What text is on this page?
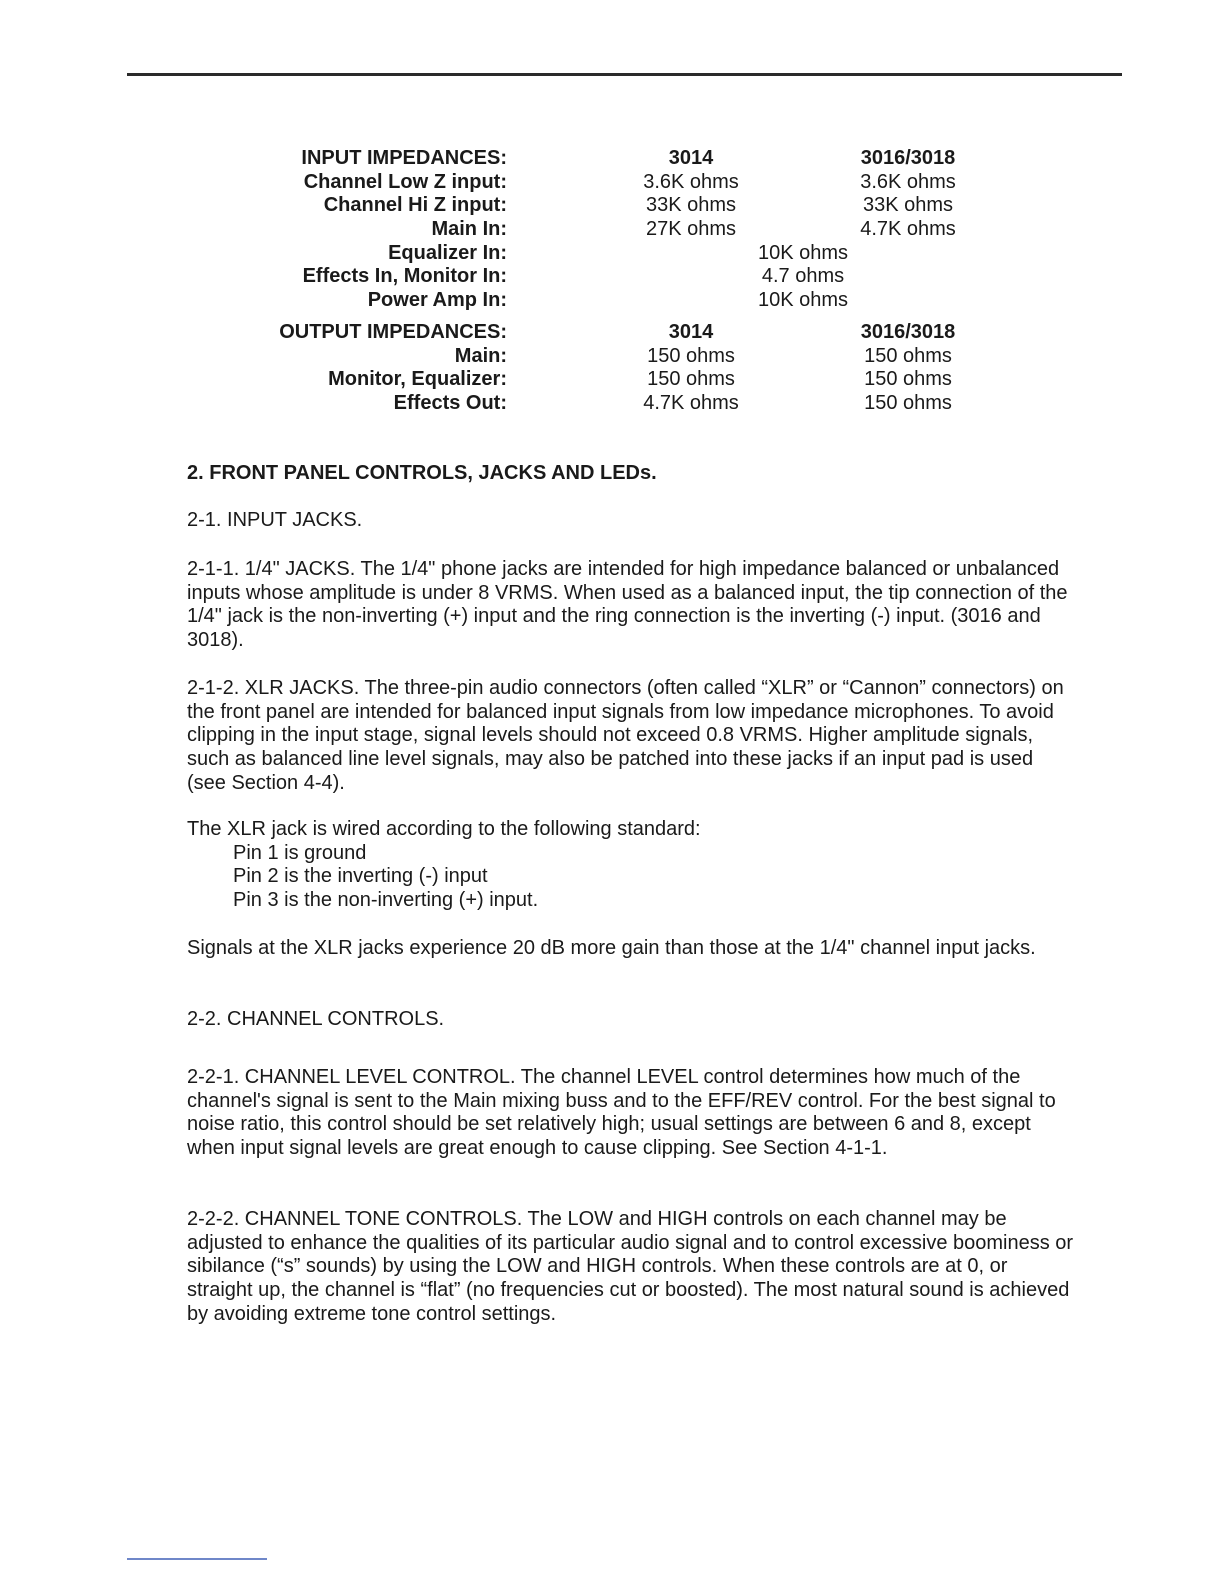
INPUT IMPEDANCES:	3014	3016/3018
Channel Low Z input:	3.6K ohms	3.6K ohms
Channel Hi Z input:	33K ohms	33K ohms
Main In:	27K ohms	4.7K ohms
Equalizer In:	10K ohms
Effects In, Monitor In:	4.7 ohms
Power Amp In:	10K ohms
OUTPUT IMPEDANCES:	3014	3016/3018
Main:	150 ohms	150 ohms
Monitor, Equalizer:	150 ohms	150 ohms
Effects Out:	4.7K ohms	150 ohms
2. FRONT PANEL CONTROLS, JACKS AND LEDs.

2-1. INPUT JACKS.

2-1-1. 1/4" JACKS. The 1/4" phone jacks are intended for high impedance balanced or unbalanced inputs whose amplitude is under 8 VRMS. When used as a balanced input, the tip connection of the 1/4" jack is the non-inverting (+) input and the ring connection is the inverting (-) input. (3016 and 3018).

2-1-2. XLR JACKS. The three-pin audio connectors (often called “XLR” or “Cannon” connectors) on the front panel are intended for balanced input signals from low impedance microphones. To avoid clipping in the input stage, signal levels should not exceed 0.8 VRMS. Higher amplitude signals, such as balanced line level signals, may also be patched into these jacks if an input pad is used (see Section 4-4).

The XLR jack is wired according to the following standard:

Pin 1 is ground

Pin 2 is the inverting (-) input

Pin 3 is the non-inverting (+) input.

Signals at the XLR jacks experience 20 dB more gain than those at the 1/4" channel input jacks.

2-2. CHANNEL CONTROLS.

2-2-1. CHANNEL LEVEL CONTROL. The channel LEVEL control determines how much of the channel's signal is sent to the Main mixing buss and to the EFF/REV control. For the best signal to noise ratio, this control should be set relatively high; usual settings are between 6 and 8, except when input signal levels are great enough to cause clipping. See Section 4-1-1.

2-2-2. CHANNEL TONE CONTROLS. The LOW and HIGH controls on each channel may be adjusted to enhance the qualities of its particular audio signal and to control excessive boominess or sibilance (“s” sounds) by using the LOW and HIGH controls. When these controls are at 0, or straight up, the channel is “flat” (no frequencies cut or boosted). The most natural sound is achieved by avoiding extreme tone control settings.
